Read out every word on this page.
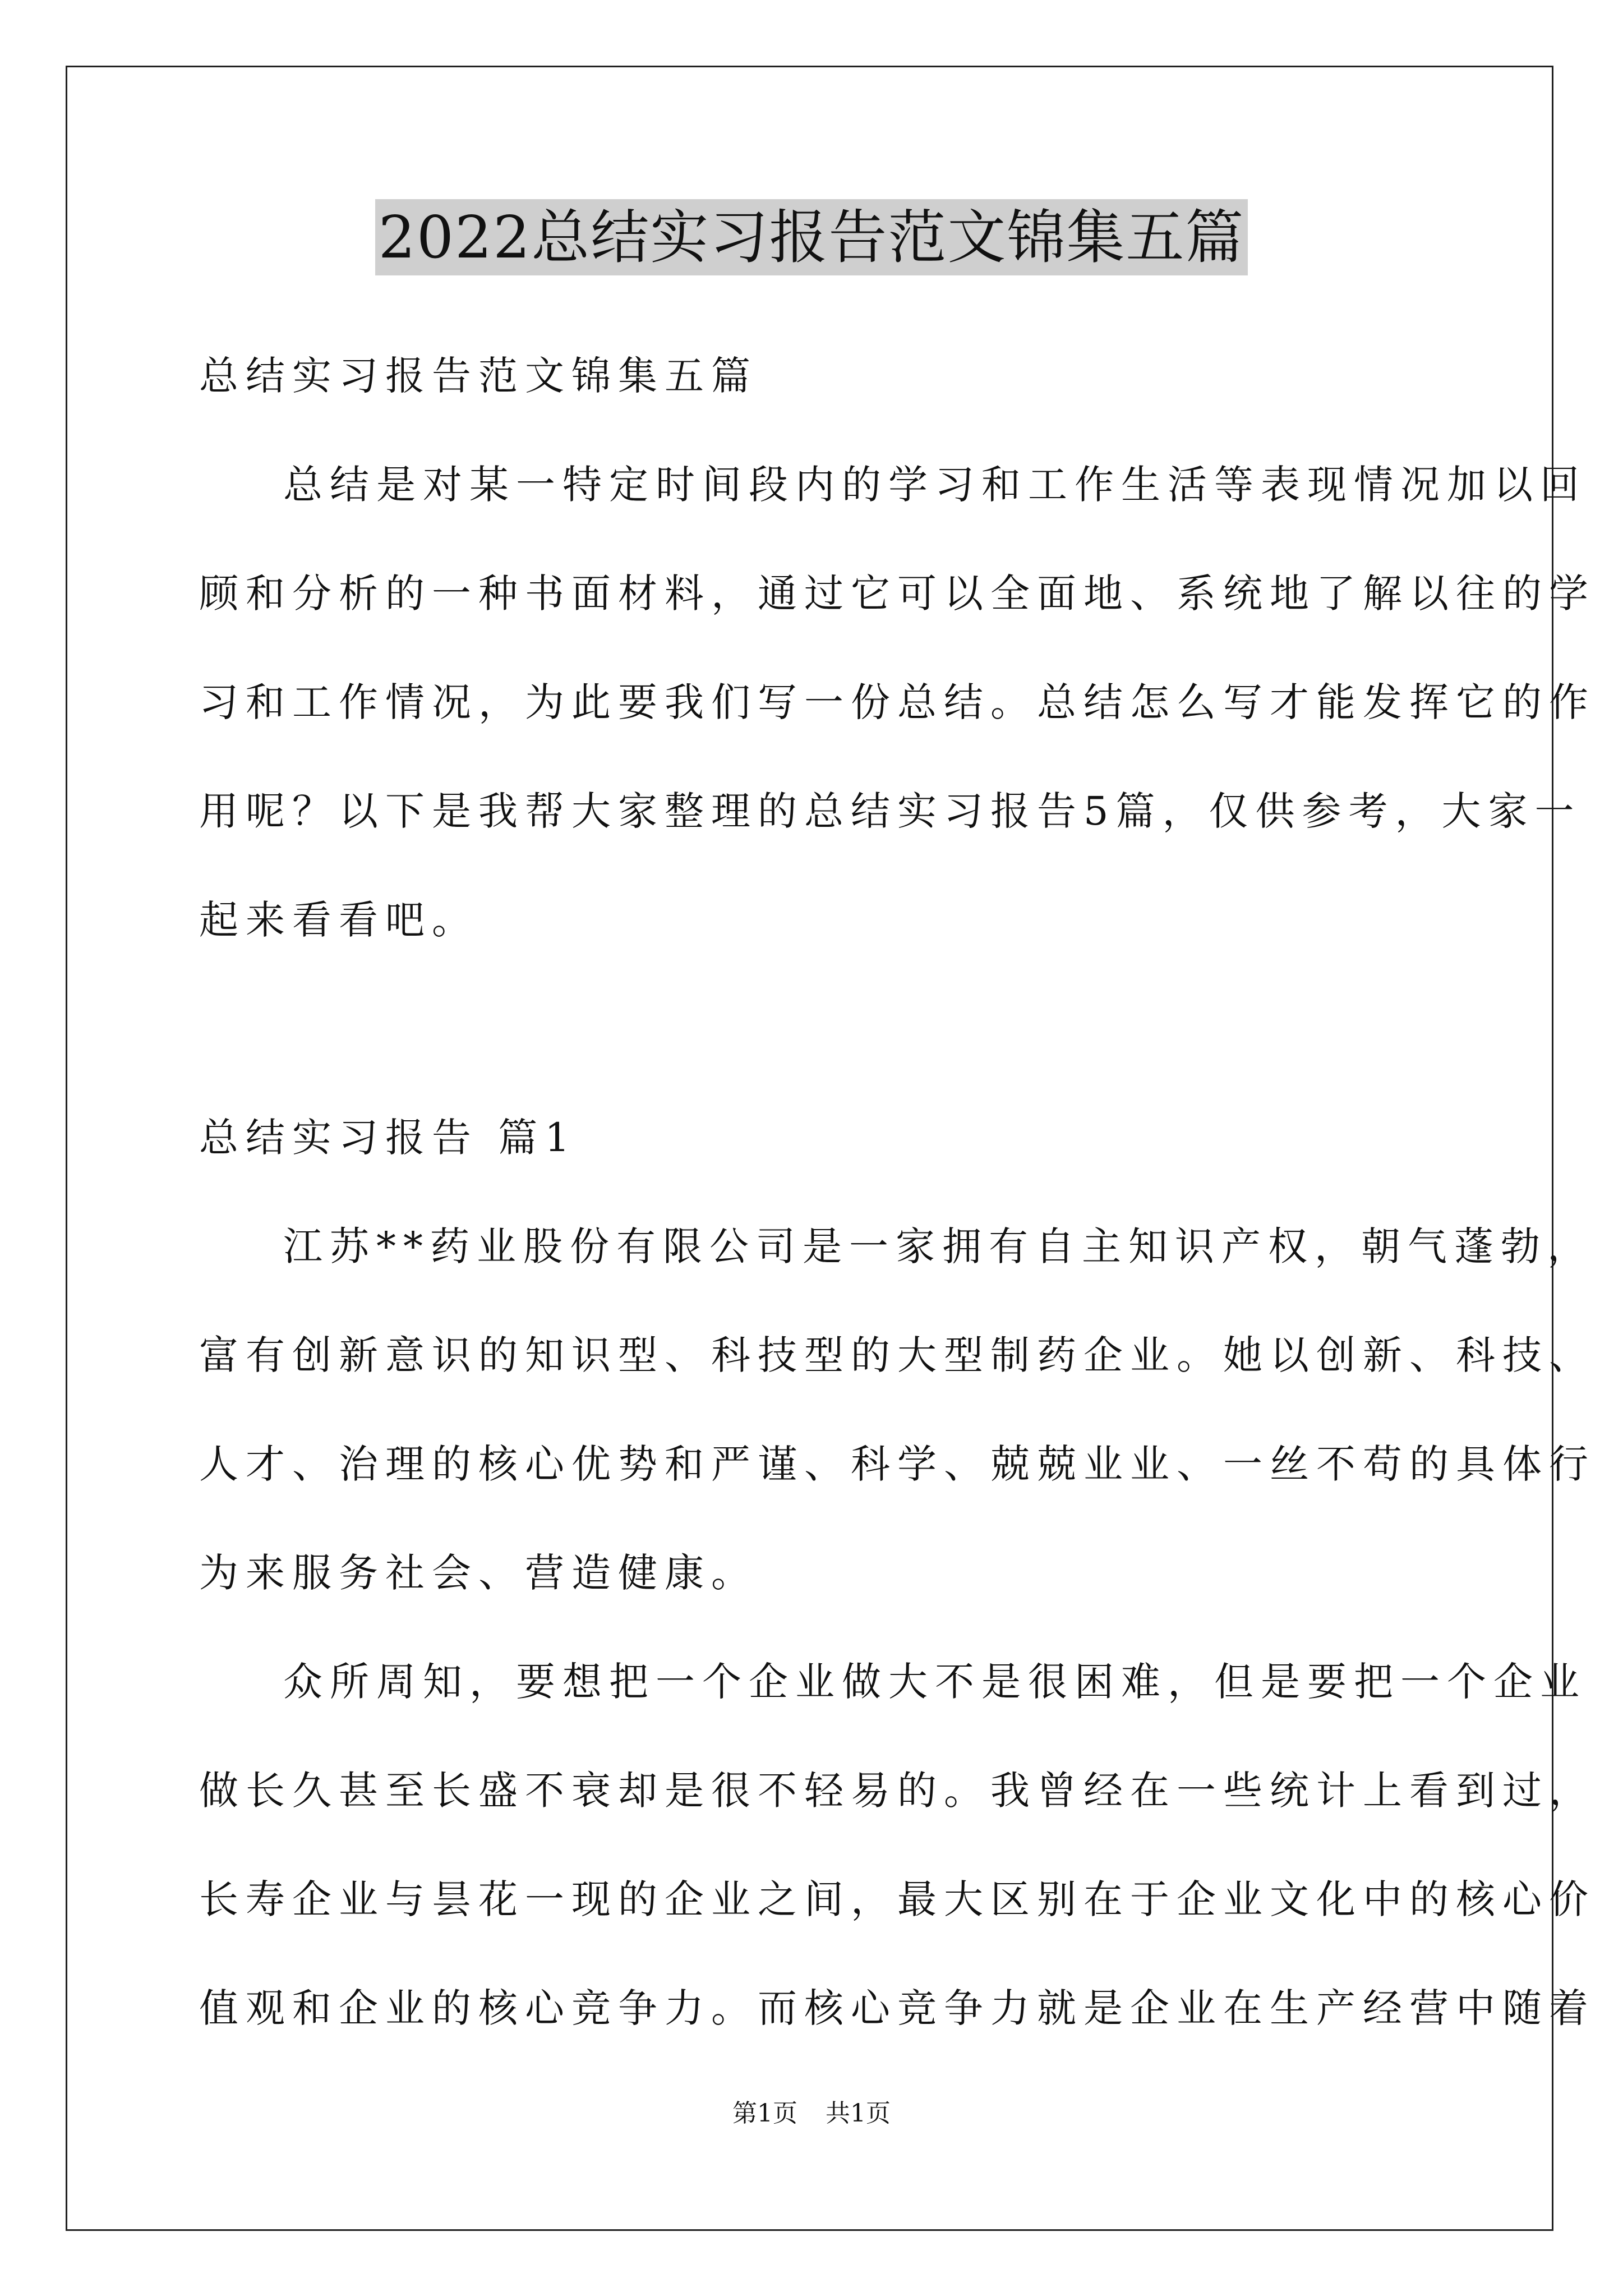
2022总结实习报告范文锦集五篇
总结实习报告范文锦集五篇
总结是对某一特定时间段内的学习和工作生活等表现情况加以回
顾和分析的一种书面材料，通过它可以全面地、系统地了解以往的学
习和工作情况，为此要我们写一份总结。总结怎么写才能发挥它的作
用呢？以下是我帮大家整理的总结实习报告5篇，仅供参考，大家一
起来看看吧。
总结实习报告 篇1
江苏**药业股份有限公司是一家拥有自主知识产权，朝气蓬勃，
富有创新意识的知识型、科技型的大型制药企业。她以创新、科技、
人才、治理的核心优势和严谨、科学、兢兢业业、一丝不苟的具体行
为来服务社会、营造健康。
众所周知，要想把一个企业做大不是很困难，但是要把一个企业
做长久甚至长盛不衰却是很不轻易的。我曾经在一些统计上看到过，
长寿企业与昙花一现的企业之间，最大区别在于企业文化中的核心价
值观和企业的核心竞争力。而核心竞争力就是企业在生产经营中随着
第1页 共1页
